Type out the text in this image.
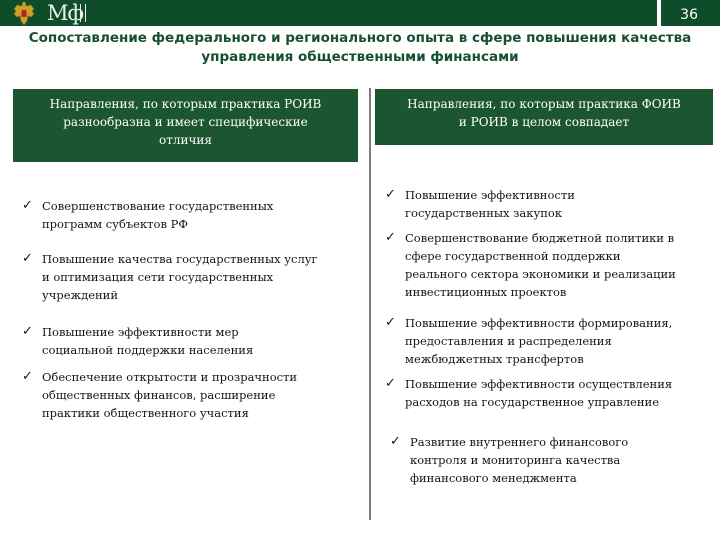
Мф	36
Сопоставление федерального и регионального опыта в сфере повышения качества
управления общественными финансами
Направления, по которым практика РОИВ
разнообразна и имеет специфические
отличия
Направления, по которым практика ФОИВ
и РОИВ в целом совпадает
✓ Совершенствование государственных
программ субъектов РФ
✓ Повышение качества государственных услуг
и оптимизация сети государственных
учреждений
✓ Повышение эффективности мер
социальной поддержки населения
✓ Обеспечение открытости и прозрачности
общественных финансов, расширение
практики общественного участия
✓ Повышение эффективности
государственных закупок
✓ Совершенствование бюджетной политики в
сфере государственной поддержки
реального сектора экономики и реализации
инвестиционных проектов
✓ Повышение эффективности формирования,
предоставления и распределения
межбюджетных трансфертов
✓ Повышение эффективности осуществления
расходов на государственное управление
✓ Развитие внутреннего финансового
контроля и мониторинга качества
финансового менеджмента
